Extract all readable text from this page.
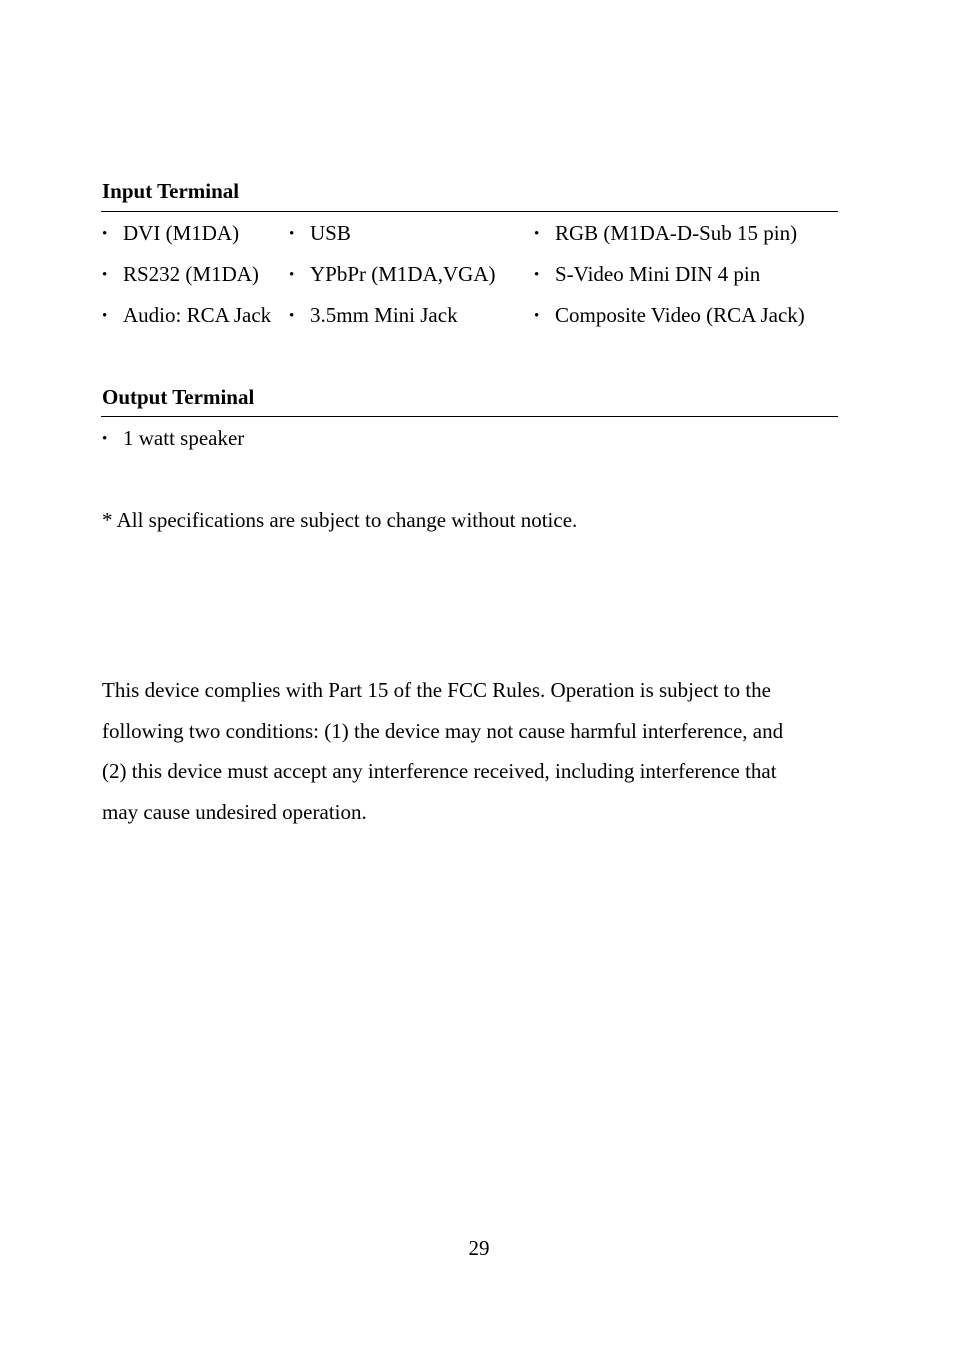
Input Terminal
• DVI (M1DA)	• USB	• RGB (M1DA-D-Sub 15 pin)
• RS232 (M1DA) • YPbPr (M1DA,VGA)	• S-Video Mini DIN 4 pin
• Audio: RCA Jack • 3.5mm Mini Jack	• Composite Video (RCA Jack)
Output Terminal
• 1 watt speaker

* All specifications are subject to change without notice.

This device complies with Part 15 of the FCC Rules. Operation is subject to the
following two conditions: (1) the device may not cause harmful interference, and
(2) this device must accept any interference received, including interference that
may cause undesired operation.

29
